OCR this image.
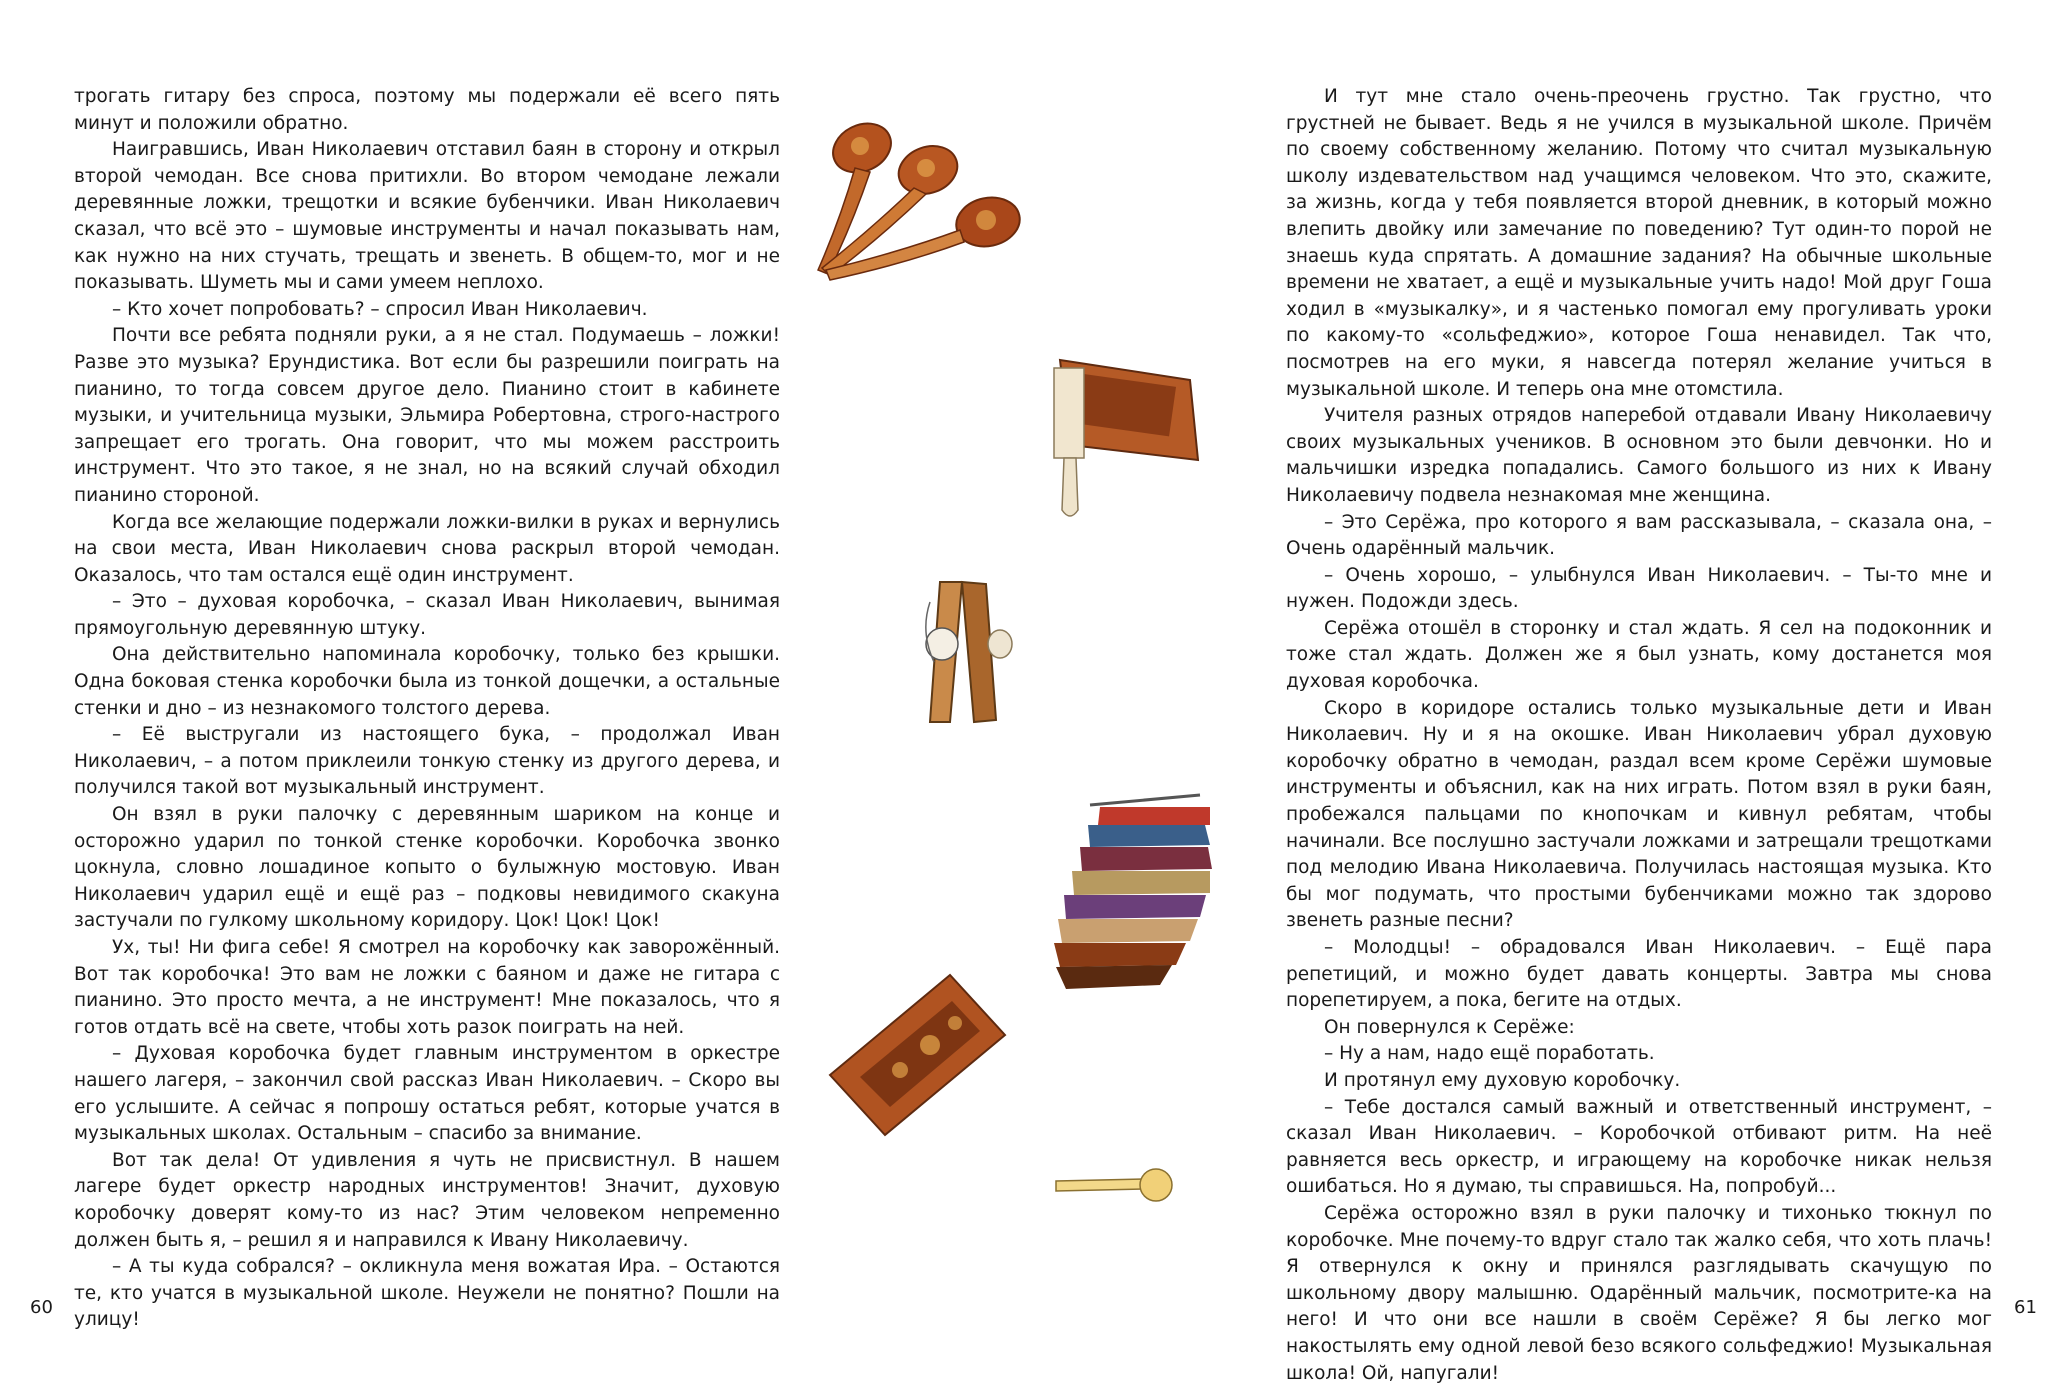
трогать гитару без спроса, поэтому мы подержали её всего пять минут и положили обратно.

Наигравшись, Иван Николаевич отставил баян в сторону и открыл второй чемодан. Все снова притихли. Во втором чемодане лежали деревянные ложки, трещотки и всякие бубенчики. Иван Николаевич сказал, что всё это – шумовые инструменты и начал показывать нам, как нужно на них стучать, трещать и звенеть. В общем-то, мог и не показывать. Шуметь мы и сами умеем неплохо.

– Кто хочет попробовать? – спросил Иван Николаевич.

Почти все ребята подняли руки, а я не стал. Подумаешь – ложки! Разве это музыка? Ерундистика. Вот если бы разрешили поиграть на пианино, то тогда совсем другое дело. Пианино стоит в кабинете музыки, и учительница музыки, Эльмира Робертовна, строго-настрого запрещает его трогать. Она говорит, что мы можем расстроить инструмент. Что это такое, я не знал, но на всякий случай обходил пианино стороной.

Когда все желающие подержали ложки-вилки в руках и вернулись на свои места, Иван Николаевич снова раскрыл второй чемодан. Оказалось, что там остался ещё один инструмент.

– Это – духовая коробочка, – сказал Иван Николаевич, вынимая прямоугольную деревянную штуку.

Она действительно напоминала коробочку, только без крышки. Одна боковая стенка коробочки была из тонкой дощечки, а остальные стенки и дно – из незнакомого толстого дерева.

– Её выстругали из настоящего бука, – продолжал Иван Николаевич, – а потом приклеили тонкую стенку из другого дерева, и получился такой вот музыкальный инструмент.

Он взял в руки палочку с деревянным шариком на конце и осторожно ударил по тонкой стенке коробочки. Коробочка звонко цокнула, словно лошадиное копыто о булыжную мостовую. Иван Николаевич ударил ещё и ещё раз – подковы невидимого скакуна застучали по гулкому школьному коридору. Цок! Цок! Цок!

Ух, ты! Ни фига себе! Я смотрел на коробочку как заворожённый. Вот так коробочка! Это вам не ложки с баяном и даже не гитара с пианино. Это просто мечта, а не инструмент! Мне показалось, что я готов отдать всё на свете, чтобы хоть разок поиграть на ней.

– Духовая коробочка будет главным инструментом в оркестре нашего лагеря, – закончил свой рассказ Иван Николаевич. – Скоро вы его услышите. А сейчас я попрошу остаться ребят, которые учатся в музыкальных школах. Остальным – спасибо за внимание.

Вот так дела! От удивления я чуть не присвистнул. В нашем лагере будет оркестр народных инструментов! Значит, духовую коробочку доверят кому-то из нас? Этим человеком непременно должен быть я, – решил я и направился к Ивану Николаевичу.

– А ты куда собрался? – окликнула меня вожатая Ира. – Остаются те, кто учатся в музыкальной школе. Неужели не понятно? Пошли на улицу!

И тут мне стало очень-преочень грустно. Так грустно, что грустней не бывает. Ведь я не учился в музыкальной школе. Причём по своему собственному желанию. Потому что считал музыкальную школу издевательством над учащимся человеком. Что это, скажите, за жизнь, когда у тебя появляется второй дневник, в который можно влепить двойку или замечание по поведению? Тут один-то порой не знаешь куда спрятать. А домашние задания? На обычные школьные времени не хватает, а ещё и музыкальные учить надо! Мой друг Гоша ходил в «музыкалку», и я частенько помогал ему прогуливать уроки по какому-то «сольфеджио», которое Гоша ненавидел. Так что, посмотрев на его муки, я навсегда потерял желание учиться в музыкальной школе. И теперь она мне отомстила.

Учителя разных отрядов наперебой отдавали Ивану Николаевичу своих музыкальных учеников. В основном это были девчонки. Но и мальчишки изредка попадались. Самого большого из них к Ивану Николаевичу подвела незнакомая мне женщина.

– Это Серёжа, про которого я вам рассказывала, – сказала она, – Очень одарённый мальчик.

– Очень хорошо, – улыбнулся Иван Николаевич. – Ты-то мне и нужен. Подожди здесь.

Серёжа отошёл в сторонку и стал ждать. Я сел на подоконник и тоже стал ждать. Должен же я был узнать, кому достанется моя духовая коробочка.

Скоро в коридоре остались только музыкальные дети и Иван Николаевич. Ну и я на окошке. Иван Николаевич убрал духовую коробочку обратно в чемодан, раздал всем кроме Серёжи шумовые инструменты и объяснил, как на них играть. Потом взял в руки баян, пробежался пальцами по кнопочкам и кивнул ребятам, чтобы начинали. Все послушно застучали ложками и затрещали трещотками под мелодию Ивана Николаевича. Получилась настоящая музыка. Кто бы мог подумать, что простыми бубенчиками можно так здорово звенеть разные песни?

– Молодцы! – обрадовался Иван Николаевич. – Ещё пара репетиций, и можно будет давать концерты. Завтра мы снова порепетируем, а пока, бегите на отдых.

Он повернулся к Серёже:

– Ну а нам, надо ещё поработать.

И протянул ему духовую коробочку.

– Тебе достался самый важный и ответственный инструмент, – сказал Иван Николаевич. – Коробочкой отбивают ритм. На неё равняется весь оркестр, и играющему на коробочке никак нельзя ошибаться. Но я думаю, ты справишься. На, попробуй...

Серёжа осторожно взял в руки палочку и тихонько тюкнул по коробочке. Мне почему-то вдруг стало так жалко себя, что хоть плачь! Я отвернулся к окну и принялся разглядывать скачущую по школьному двору малышню. Одарённый мальчик, посмотрите-ка на него! И что они все нашли в своём Серёже? Я бы легко мог накостылять ему одной левой безо всякого сольфеджио! Музыкальная школа! Ой, напугали!

60	61
